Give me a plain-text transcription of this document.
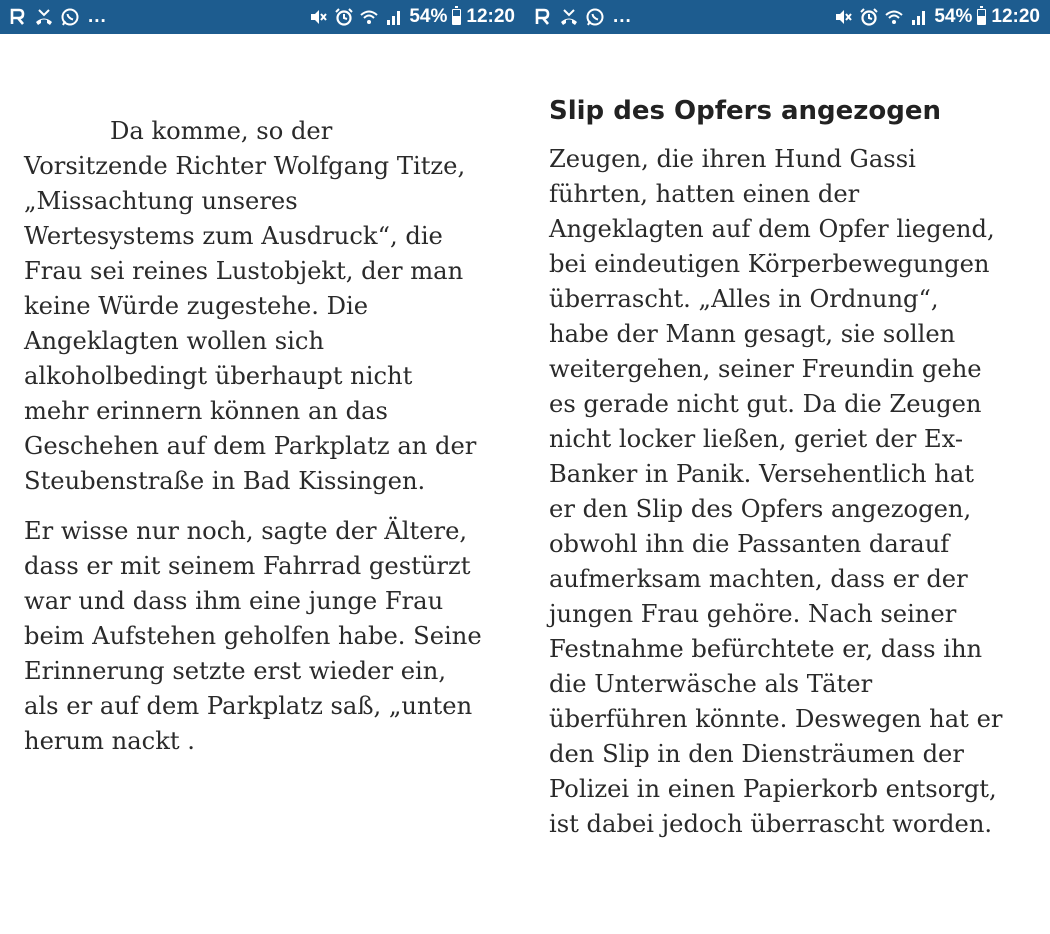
...	54% 12:20

Da komme, so der
Vorsitzende Richter Wolfgang Titze,
„Missachtung unseres
Wertesystems zum Ausdruck“, die
Frau sei reines Lustobjekt, der man
keine Würde zugestehe. Die
Angeklagten wollen sich
alkoholbedingt überhaupt nicht
mehr erinnern können an das
Geschehen auf dem Parkplatz an der
Steubenstraße in Bad Kissingen.

Er wisse nur noch, sagte der Ältere,
dass er mit seinem Fahrrad gestürzt
war und dass ihm eine junge Frau
beim Aufstehen geholfen habe. Seine
Erinnerung setzte erst wieder ein,
als er auf dem Parkplatz saß, „unten
herum nackt .

...	54% 12:20
Slip des Opfers angezogen

Zeugen, die ihren Hund Gassi
führten, hatten einen der
Angeklagten auf dem Opfer liegend,
bei eindeutigen Körperbewegungen
überrascht. „Alles in Ordnung“,
habe der Mann gesagt, sie sollen
weitergehen, seiner Freundin gehe
es gerade nicht gut. Da die Zeugen
nicht locker ließen, geriet der Ex-
Banker in Panik. Versehentlich hat
er den Slip des Opfers angezogen,
obwohl ihn die Passanten darauf
aufmerksam machten, dass er der
jungen Frau gehöre. Nach seiner
Festnahme befürchtete er, dass ihn
die Unterwäsche als Täter
überführen könnte. Deswegen hat er
den Slip in den Diensträumen der
Polizei in einen Papierkorb entsorgt,
ist dabei jedoch überrascht worden.
